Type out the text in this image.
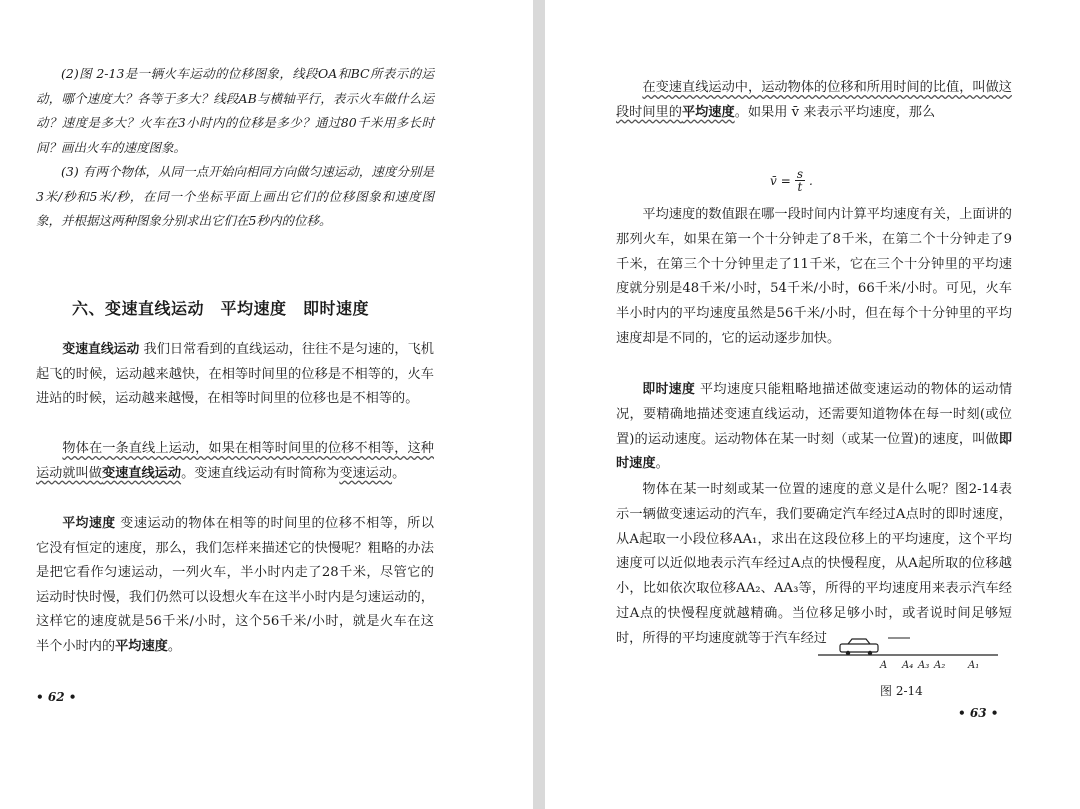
(2)图 2-13是一辆火车运动的位移图象，线段OA和BC所表示的运动，哪个速度大？各等于多大？线段AB与横轴平行，表示火车做什么运动？速度是多大？火车在3小时内的位移是多少？通过80千米用多长时间？画出火车的速度图象。

(3) 有两个物体，从同一点开始向相同方向做匀速运动，速度分别是3米/秒和5米/秒，在同一个坐标平面上画出它们的位移图象和速度图象，并根据这两种图象分别求出它们在5秒内的位移。

六、变速直线运动　平均速度　即时速度

变速直线运动 我们日常看到的直线运动，往往不是匀速的，飞机起飞的时候，运动越来越快，在相等时间里的位移是不相等的，火车进站的时候，运动越来越慢，在相等时间里的位移也是不相等的。

物体在一条直线上运动，如果在相等时间里的位移不相等，这种运动就叫做变速直线运动。变速直线运动有时简称为变速运动。

平均速度 变速运动的物体在相等的时间里的位移不相等，所以它没有恒定的速度，那么，我们怎样来描述它的快慢呢？粗略的办法是把它看作匀速运动，一列火车，半小时内走了28千米，尽管它的运动时快时慢，我们仍然可以设想火车在这半小时内是匀速运动的，这样它的速度就是56千米/小时，这个56千米/小时，就是火车在这半个小时内的平均速度。

• 62 •

在变速直线运动中，运动物体的位移和所用时间的比值，叫做这段时间里的平均速度。如果用 v̄ 来表示平均速度，那么

v̄ = $\frac{s}{t}$ .

平均速度的数值跟在哪一段时间内计算平均速度有关，上面讲的那列火车，如果在第一个十分钟走了8千米，在第二个十分钟走了9千米，在第三个十分钟里走了11千米，它在三个十分钟里的平均速度就分别是48千米/小时，54千米/小时，66千米/小时。可见，火车半小时内的平均速度虽然是56千米/小时，但在每个十分钟里的平均速度却是不同的，它的运动逐步加快。

即时速度 平均速度只能粗略地描述做变速运动的物体的运动情况，要精确地描述变速直线运动，还需要知道物体在每一时刻(或位置)的运动速度。运动物体在某一时刻（或某一位置)的速度，叫做即时速度。

物体在某一时刻或某一位置的速度的意义是什么呢？图2-14表示一辆做变速运动的汽车，我们要确定汽车经过A点时的即时速度，从A起取一小段位移AA₁，求出在这段位移上的平均速度，这个平均速度可以近似地表示汽车经过A点的快慢程度，从A起所取的位移越小，比如依次取位移AA₂、AA₃等，所得的平均速度用来表示汽车经过A点的快慢程度就越精确。当位移足够小时，或者说时间足够短时，所得的平均速度就等于汽车经过

A A₄ A₃ A₂ A₁

图 2-14

• 63 •
